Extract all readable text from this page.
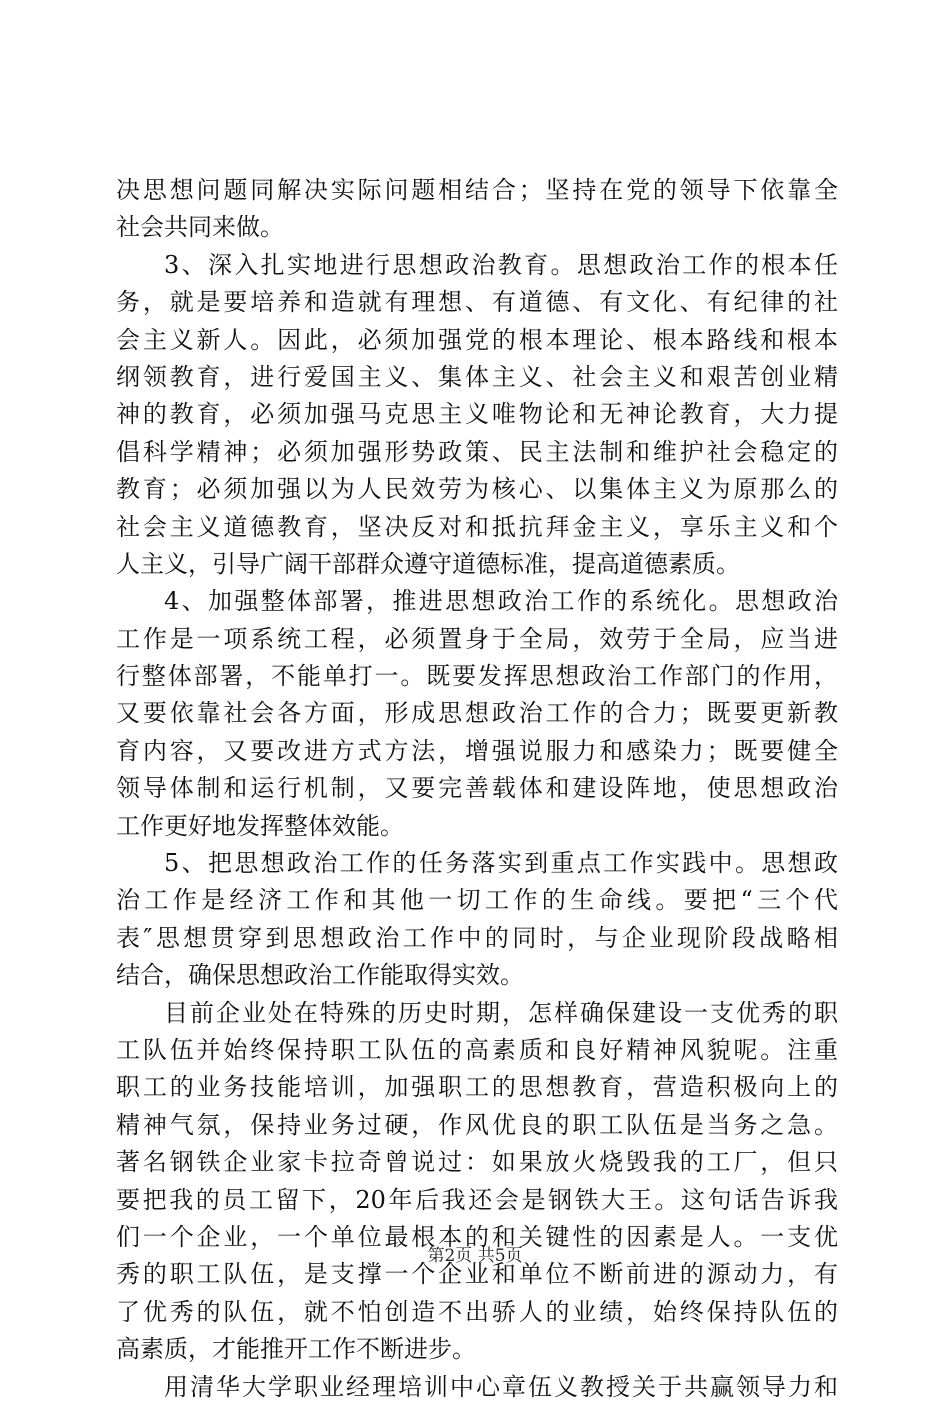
决思想问题同解决实际问题相结合；坚持在党的领导下依靠全
社会共同来做。
3、深入扎实地进行思想政治教育。思想政治工作的根本任
务，就是要培养和造就有理想、有道德、有文化、有纪律的社
会主义新人。因此，必须加强党的根本理论、根本路线和根本
纲领教育，进行爱国主义、集体主义、社会主义和艰苦创业精
神的教育，必须加强马克思主义唯物论和无神论教育，大力提
倡科学精神；必须加强形势政策、民主法制和维护社会稳定的
教育；必须加强以为人民效劳为核心、以集体主义为原那么的
社会主义道德教育，坚决反对和抵抗拜金主义，享乐主义和个
人主义，引导广阔干部群众遵守道德标准，提高道德素质。
4、加强整体部署，推进思想政治工作的系统化。思想政治
工作是一项系统工程，必须置身于全局，效劳于全局，应当进
行整体部署，不能单打一。既要发挥思想政治工作部门的作用，
又要依靠社会各方面，形成思想政治工作的合力；既要更新教
育内容，又要改进方式方法，增强说服力和感染力；既要健全
领导体制和运行机制，又要完善载体和建设阵地，使思想政治
工作更好地发挥整体效能。
5、把思想政治工作的任务落实到重点工作实践中。思想政
治工作是经济工作和其他一切工作的生命线。要把“三个代
表″思想贯穿到思想政治工作中的同时，与企业现阶段战略相
结合，确保思想政治工作能取得实效。
目前企业处在特殊的历史时期，怎样确保建设一支优秀的职
工队伍并始终保持职工队伍的高素质和良好精神风貌呢。注重
职工的业务技能培训，加强职工的思想教育，营造积极向上的
精神气氛，保持业务过硬，作风优良的职工队伍是当务之急。
著名钢铁企业家卡拉奇曾说过：如果放火烧毁我的工厂，但只
要把我的员工留下，20年后我还会是钢铁大王。这句话告诉我
们一个企业，一个单位最根本的和关键性的因素是人。一支优
秀的职工队伍，是支撑一个企业和单位不断前进的源动力，有
了优秀的队伍，就不怕创造不出骄人的业绩，始终保持队伍的
高素质，才能推开工作不断进步。
用清华大学职业经理培训中心章伍义教授关于共赢领导力和
第2页 共5页
